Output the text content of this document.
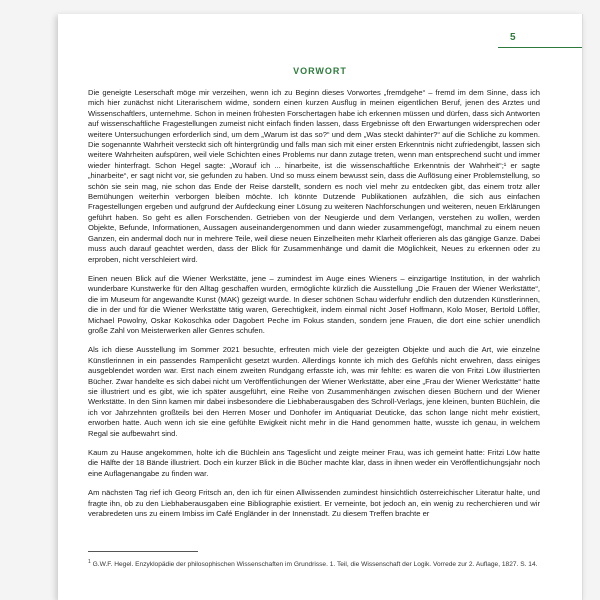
5
VORWORT

Die geneigte Leserschaft möge mir verzeihen, wenn ich zu Beginn dieses Vorwortes „fremdgehe“ – fremd im dem Sinne, dass ich mich hier zunächst nicht Literarischem widme, sondern einen kurzen Ausflug in meinen eigentlichen Beruf, jenen des Arztes und Wissenschaftlers, unternehme. Schon in meinen frühesten Forschertagen habe ich erkennen müssen und dürfen, dass sich Antworten auf wissenschaftliche Fragestellungen zumeist nicht einfach finden lassen, dass Ergebnisse oft den Erwartungen widersprechen oder weitere Untersuchungen erforderlich sind, um dem „Warum ist das so?“ und dem „Was steckt dahinter?“ auf die Schliche zu kommen. Die sogenannte Wahrheit versteckt sich oft hintergründig und falls man sich mit einer ersten Erkenntnis nicht zufriedengibt, lassen sich weitere Wahrheiten aufspüren, weil viele Schichten eines Problems nur dann zutage treten, wenn man entsprechend sucht und immer wieder hinterfragt. Schon Hegel sagte: „Worauf ich ... hinarbeite, ist die wissenschaftliche Erkenntnis der Wahrheit“;¹ er sagte „hinarbeite“, er sagt nicht vor, sie gefunden zu haben. Und so muss einem bewusst sein, dass die Auflösung einer Problemstellung, so schön sie sein mag, nie schon das Ende der Reise darstellt, sondern es noch viel mehr zu entdecken gibt, das einem trotz aller Bemühungen weiterhin verborgen bleiben möchte. Ich könnte Dutzende Publikationen aufzählen, die sich aus einfachen Fragestellungen ergeben und aufgrund der Aufdeckung einer Lösung zu weiteren Nachforschungen und weiteren, neuen Erklärungen geführt haben. So geht es allen Forschenden. Getrieben von der Neugierde und dem Verlangen, verstehen zu wollen, werden Objekte, Befunde, Informationen, Aussagen auseinandergenommen und dann wieder zusammengefügt, manchmal zu einem neuen Ganzen, ein andermal doch nur in mehrere Teile, weil diese neuen Einzelheiten mehr Klarheit offerieren als das gängige Ganze. Dabei muss auch darauf geachtet werden, dass der Blick für Zusammenhänge und damit die Möglichkeit, Neues zu erkennen oder zu erproben, nicht verschleiert wird.

Einen neuen Blick auf die Wiener Werkstätte, jene – zumindest im Auge eines Wieners – einzigartige Institution, in der wahrlich wunderbare Kunstwerke für den Alltag geschaffen wurden, ermöglichte kürzlich die Ausstellung „Die Frauen der Wiener Werkstätte“, die im Museum für angewandte Kunst (MAK) gezeigt wurde. In dieser schönen Schau widerfuhr endlich den dutzenden Künstlerinnen, die in der und für die Wiener Werkstätte tätig waren, Gerechtigkeit, indem einmal nicht Josef Hoffmann, Kolo Moser, Bertold Löffler, Michael Powolny, Oskar Kokoschka oder Dagobert Peche im Fokus standen, sondern jene Frauen, die dort eine schier unendlich große Zahl von Meisterwerken aller Genres schufen.

Als ich diese Ausstellung im Sommer 2021 besuchte, erfreuten mich viele der gezeigten Objekte und auch die Art, wie einzelne Künstlerinnen in ein passendes Rampenlicht gesetzt wurden. Allerdings konnte ich mich des Gefühls nicht erwehren, dass einiges ausgeblendet worden war. Erst nach einem zweiten Rundgang erfasste ich, was mir fehlte: es waren die von Fritzi Löw illustrierten Bücher. Zwar handelte es sich dabei nicht um Veröffentlichungen der Wiener Werkstätte, aber eine „Frau der Wiener Werkstätte“ hatte sie illustriert und es gibt, wie ich später ausgeführt, eine Reihe von Zusammenhängen zwischen diesen Büchern und der Wiener Werkstätte. In den Sinn kamen mir dabei insbesondere die Liebhaberausgaben des Schroll-Verlags, jene kleinen, bunten Büchlein, die ich vor Jahrzehnten großteils bei den Herren Moser und Donhofer im Antiquariat Deuticke, das schon lange nicht mehr existiert, erworben hatte. Auch wenn ich sie eine gefühlte Ewigkeit nicht mehr in die Hand genommen hatte, wusste ich genau, in welchem Regal sie aufbewahrt sind.

Kaum zu Hause angekommen, holte ich die Büchlein ans Tageslicht und zeigte meiner Frau, was ich gemeint hatte: Fritzi Löw hatte die Hälfte der 18 Bände illustriert. Doch ein kurzer Blick in die Bücher machte klar, dass in ihnen weder ein Veröffentlichungsjahr noch eine Auflagenangabe zu finden war.

Am nächsten Tag rief ich Georg Fritsch an, den ich für einen Allwissenden zumindest hinsichtlich österreichischer Literatur halte, und fragte ihn, ob zu den Liebhaberausgaben eine Bibliographie existiert. Er verneinte, bot jedoch an, ein wenig zu recherchieren und wir verabredeten uns zu einem Imbiss im Café Engländer in der Innenstadt. Zu diesem Treffen brachte er

$^1$ G.W.F. Hegel. Enzyklopädie der philosophischen Wissenschaften im Grundrisse. 1. Teil, die Wissenschaft der Logik. Vorrede zur 2. Auflage, 1827. S. 14.
